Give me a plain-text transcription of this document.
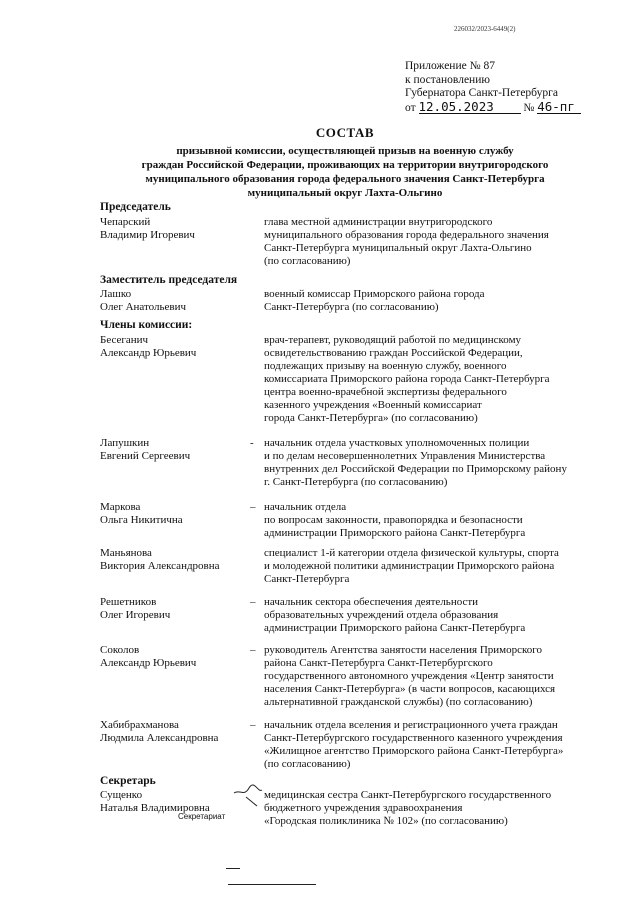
226032/2023-6449(2)
Приложение № 87
к постановлению
Губернатора Санкт-Петербурга
от 12.05.2023	№ 46-пг
СОСТАВ
призывной комиссии, осуществляющей призыв на военную службу
граждан Российской Федерации, проживающих на территории внутригородского
муниципального образования города федерального значения Санкт-Петербурга
муниципальный округ Лахта-Ольгино
Председатель
Чепарский
Владимир Игоревич
глава местной администрации внутригородского
муниципального образования города федерального значения
Санкт-Петербурга муниципальный округ Лахта-Ольгино
(по согласованию)
Заместитель председателя
Лашко
Олег Анатольевич
военный комиссар Приморского района города
Санкт-Петербурга (по согласованию)
Члены комиссии:
Бесеганич
Александр Юрьевич
врач-терапевт, руководящий работой по медицинскому
освидетельствованию граждан Российской Федерации,
подлежащих призыву на военную службу, военного
комиссариата Приморского района города Санкт-Петербурга
центра военно-врачебной экспертизы федерального
казенного учреждения «Военный комиссариат
города Санкт-Петербурга» (по согласованию)
Лапушкин
Евгений Сергеевич
- начальник отдела участковых уполномоченных полиции
и по делам несовершеннолетних Управления Министерства
внутренних дел Российской Федерации по Приморскому району
г. Санкт-Петербурга (по согласованию)
Маркова
Ольга Никитична
– начальник отдела
по вопросам законности, правопорядка и безопасности
администрации Приморского района Санкт-Петербурга
Маньянова
Виктория Александровна
специалист 1-й категории отдела физической культуры, спорта
и молодежной политики администрации Приморского района
Санкт-Петербурга
Решетников
Олег Игоревич
– начальник сектора обеспечения деятельности
образовательных учреждений отдела образования
администрации Приморского района Санкт-Петербурга
Соколов
Александр Юрьевич
– руководитель Агентства занятости населения Приморского
района Санкт-Петербурга Санкт-Петербургского
государственного автономного учреждения «Центр занятости
населения Санкт-Петербурга» (в части вопросов, касающихся
альтернативной гражданской службы) (по согласованию)
Хабибрахманова
Людмила Александровна
– начальник отдела вселения и регистрационного учета граждан
Санкт-Петербургского государственного казенного учреждения
«Жилищное агентство Приморского района Санкт-Петербурга»
(по согласованию)
Секретарь
Сущенко
Наталья Владимировна
медицинская сестра Санкт-Петербургского государственного
бюджетного учреждения здравоохранения
«Городская поликлиника № 102» (по согласованию)
Секретариат
